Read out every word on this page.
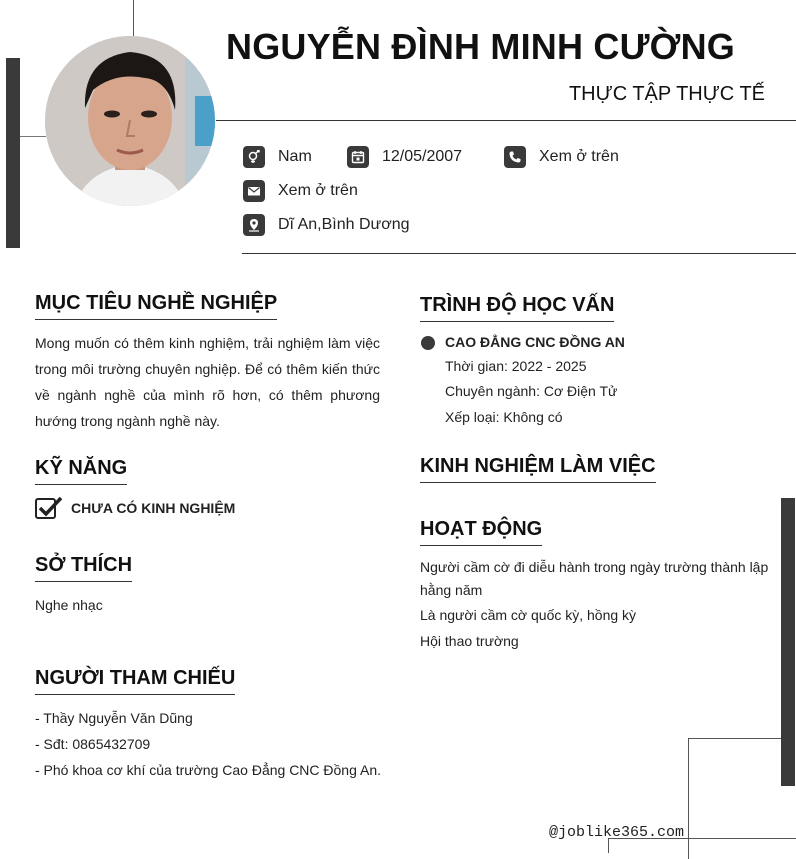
NGUYỄN ĐÌNH MINH CƯỜNG
THỰC TẬP THỰC TẾ
Nam	12/05/2007	Xem ở trên
Xem ở trên
Dĩ An,Bình Dương
MỤC TIÊU NGHỀ NGHIỆP
Mong muốn có thêm kinh nghiệm, trải nghiệm làm việc trong môi trường chuyên nghiệp. Để có thêm kiến thức về ngành nghề của mình rõ hơn, có thêm phương hướng trong ngành nghề này.
KỸ NĂNG
CHƯA CÓ KINH NGHIỆM
SỞ THÍCH
Nghe nhạc
NGƯỜI THAM CHIẾU
- Thầy Nguyễn Văn Dũng
- Sđt: 0865432709
- Phó khoa cơ khí của trường Cao Đẳng CNC Đồng An.
TRÌNH ĐỘ HỌC VẤN
CAO ĐẲNG CNC ĐỒNG AN
Thời gian: 2022 - 2025
Chuyên ngành: Cơ Điện Tử
Xếp loại: Không có
KINH NGHIỆM LÀM VIỆC
HOẠT ĐỘNG
Người cầm cờ đi diễu hành trong ngày trường thành lập hằng năm
Là người cầm cờ quốc kỳ, hồng kỳ
Hội thao trường
@joblike365.com
